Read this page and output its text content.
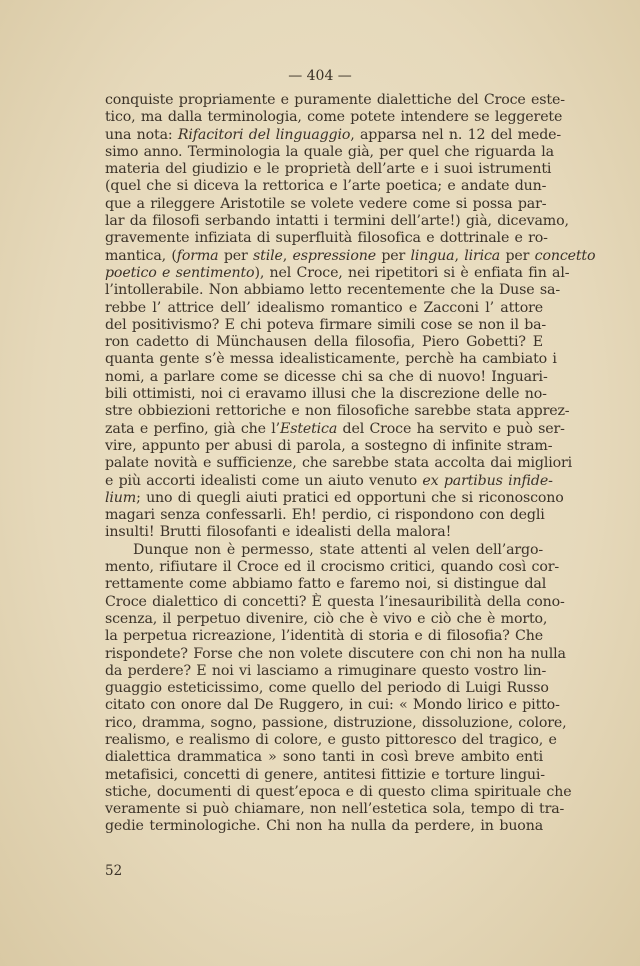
— 404 —
conquiste propriamente e puramente dialettiche del Croce este-
tico, ma dalla terminologia, come potete intendere se leggerete
una nota: Rifacitori del linguaggio, apparsa nel n. 12 del mede-
simo anno. Terminologia la quale già, per quel che riguarda la
materia del giudizio e le proprietà dell’arte e i suoi istrumenti
(quel che si diceva la rettorica e l’arte poetica; e andate dun-
que a rileggere Aristotile se volete vedere come si possa par-
lar da filosofi serbando intatti i termini dell’arte!) già, dicevamo,
gravemente infiziata di superfluità filosofica e dottrinale e ro-
mantica, (forma per stile, espressione per lingua, lirica per concetto
poetico e sentimento), nel Croce, nei ripetitori si è enfiata fin al-
l’intollerabile. Non abbiamo letto recentemente che la Duse sa-
rebbe l’ attrice dell’ idealismo romantico e Zacconi l’ attore
del positivismo? E chi poteva firmare simili cose se non il ba-
ron cadetto di Münchausen della filosofia, Piero Gobetti? E
quanta gente s’è messa idealisticamente, perchè ha cambiato i
nomi, a parlare come se dicesse chi sa che di nuovo! Inguari-
bili ottimisti, noi ci eravamo illusi che la discrezione delle no-
stre obbiezioni rettoriche e non filosofiche sarebbe stata apprez-
zata e perfino, già che l’Estetica del Croce ha servito e può ser-
vire, appunto per abusi di parola, a sostegno di infinite stram-
palate novità e sufficienze, che sarebbe stata accolta dai migliori
e più accorti idealisti come un aiuto venuto ex partibus infide-
lium; uno di quegli aiuti pratici ed opportuni che si riconoscono
magari senza confessarli. Eh! perdio, ci rispondono con degli
insulti! Brutti filosofanti e idealisti della malora!
Dunque non è permesso, state attenti al velen dell’argo-
mento, rifiutare il Croce ed il crocismo critici, quando così cor-
rettamente come abbiamo fatto e faremo noi, si distingue dal
Croce dialettico di concetti? È questa l’inesauribilità della cono-
scenza, il perpetuo divenire, ciò che è vivo e ciò che è morto,
la perpetua ricreazione, l’identità di storia e di filosofia? Che
rispondete? Forse che non volete discutere con chi non ha nulla
da perdere? E noi vi lasciamo a rimuginare questo vostro lin-
guaggio esteticissimo, come quello del periodo di Luigi Russo
citato con onore dal De Ruggero, in cui: « Mondo lirico e pitto-
rico, dramma, sogno, passione, distruzione, dissoluzione, colore,
realismo, e realismo di colore, e gusto pittoresco del tragico, e
dialettica drammatica » sono tanti in così breve ambito enti
metafisici, concetti di genere, antitesi fittizie e torture lingui-
stiche, documenti di quest’epoca e di questo clima spirituale che
veramente si può chiamare, non nell’estetica sola, tempo di tra-
gedie terminologiche. Chi non ha nulla da perdere, in buona
52
